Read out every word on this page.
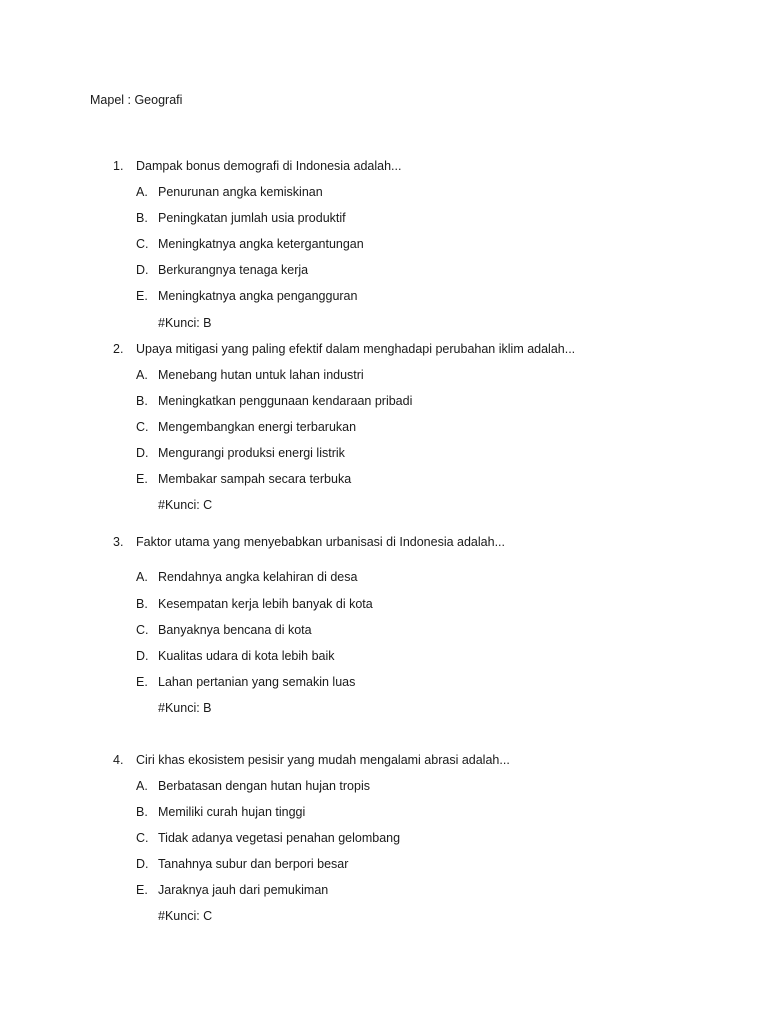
Mapel : Geografi
1.	Dampak bonus demografi di Indonesia adalah...
A. Penurunan angka kemiskinan
B. Peningkatan jumlah usia produktif
C. Meningkatnya angka ketergantungan
D. Berkurangnya tenaga kerja
E. Meningkatnya angka pengangguran
#Kunci: B
2.	Upaya mitigasi yang paling efektif dalam menghadapi perubahan iklim adalah...
A. Menebang hutan untuk lahan industri
B. Meningkatkan penggunaan kendaraan pribadi
C. Mengembangkan energi terbarukan
D. Mengurangi produksi energi listrik
E. Membakar sampah secara terbuka
#Kunci: C
3.	Faktor utama yang menyebabkan urbanisasi di Indonesia adalah...
A. Rendahnya angka kelahiran di desa
B. Kesempatan kerja lebih banyak di kota
C. Banyaknya bencana di kota
D. Kualitas udara di kota lebih baik
E. Lahan pertanian yang semakin luas
#Kunci: B
4.	Ciri khas ekosistem pesisir yang mudah mengalami abrasi adalah...
A. Berbatasan dengan hutan hujan tropis
B. Memiliki curah hujan tinggi
C. Tidak adanya vegetasi penahan gelombang
D. Tanahnya subur dan berpori besar
E. Jaraknya jauh dari pemukiman
#Kunci: C
